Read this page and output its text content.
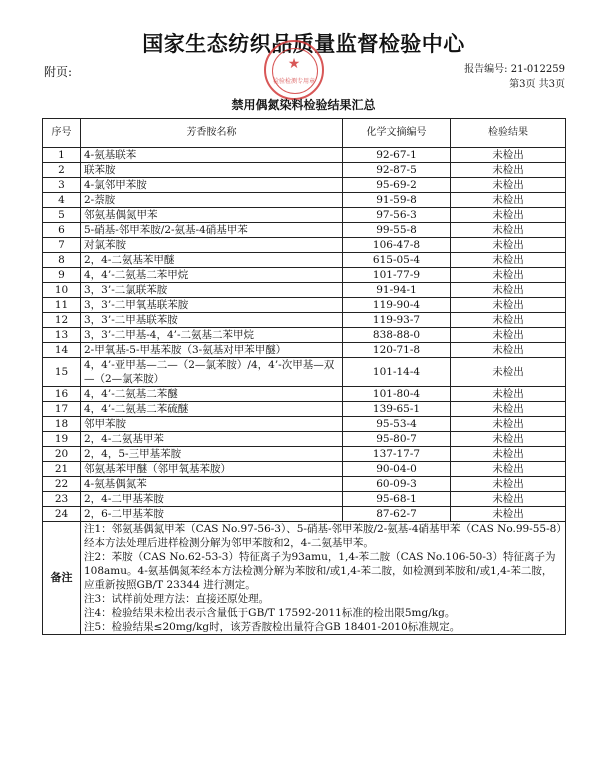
国家生态纺织品质量监督检验中心
附页:	★
检验检测专用章
报告编号: 21-012259
第3页 共3页
禁用偶氮染料检验结果汇总
序号	芳香胺名称	化学文摘编号	检验结果
1	4-氨基联苯	92-67-1	未检出
2	联苯胺	92-87-5	未检出
3	4-氯邻甲苯胺	95-69-2	未检出
4	2-萘胺	91-59-8	未检出
5	邻氨基偶氮甲苯	97-56-3	未检出
6	5-硝基-邻甲苯胺/2-氨基-4硝基甲苯	99-55-8	未检出
7	对氯苯胺	106-47-8	未检出
8	2，4-二氨基苯甲醚	615-05-4	未检出
9	4，4’-二氨基二苯甲烷	101-77-9	未检出
10	3，3’-二氯联苯胺	91-94-1	未检出
11	3，3’-二甲氧基联苯胺	119-90-4	未检出
12	3，3’-二甲基联苯胺	119-93-7	未检出
13	3，3’-二甲基-4，4’-二氨基二苯甲烷	838-88-0	未检出
14	2-甲氧基-5-甲基苯胺（3-氨基对甲苯甲醚）	120-71-8	未检出
15	4，4’-亚甲基—二—（2—氯苯胺）/4，4’-次甲基—双—（2—氯苯胺）	101-14-4	未检出
16	4，4’-二氨基二苯醚	101-80-4	未检出
17	4，4’-二氨基二苯硫醚	139-65-1	未检出
18	邻甲苯胺	95-53-4	未检出
19	2，4-二氨基甲苯	95-80-7	未检出
20	2，4，5-三甲基苯胺	137-17-7	未检出
21	邻氨基苯甲醚（邻甲氧基苯胺）	90-04-0	未检出
22	4-氨基偶氮苯	60-09-3	未检出
23	2，4-二甲基苯胺	95-68-1	未检出
24	2，6-二甲基苯胺	87-62-7	未检出
备注	注1：邻氨基偶氮甲苯（CAS No.97-56-3）、5-硝基-邻甲苯胺/2-氨基-4硝基甲苯（CAS No.99-55-8）经本方法处理后进样检测分解为邻甲苯胺和2，4-二氨基甲苯。
注2：苯胺（CAS No.62-53-3）特征离子为93amu，1,4-苯二胺（CAS No.106-50-3）特征离子为108amu。4-氨基偶氮苯经本方法检测分解为苯胺和/或1,4-苯二胺，如检测到苯胺和/或1,4-苯二胺，应重新按照GB/T 23344 进行测定。
注3：试样前处理方法：直接还原处理。
注4：检验结果未检出表示含量低于GB/T 17592-2011标准的检出限5mg/kg。
注5：检验结果≤20mg/kg时，该芳香胺检出量符合GB 18401-2010标准规定。		
